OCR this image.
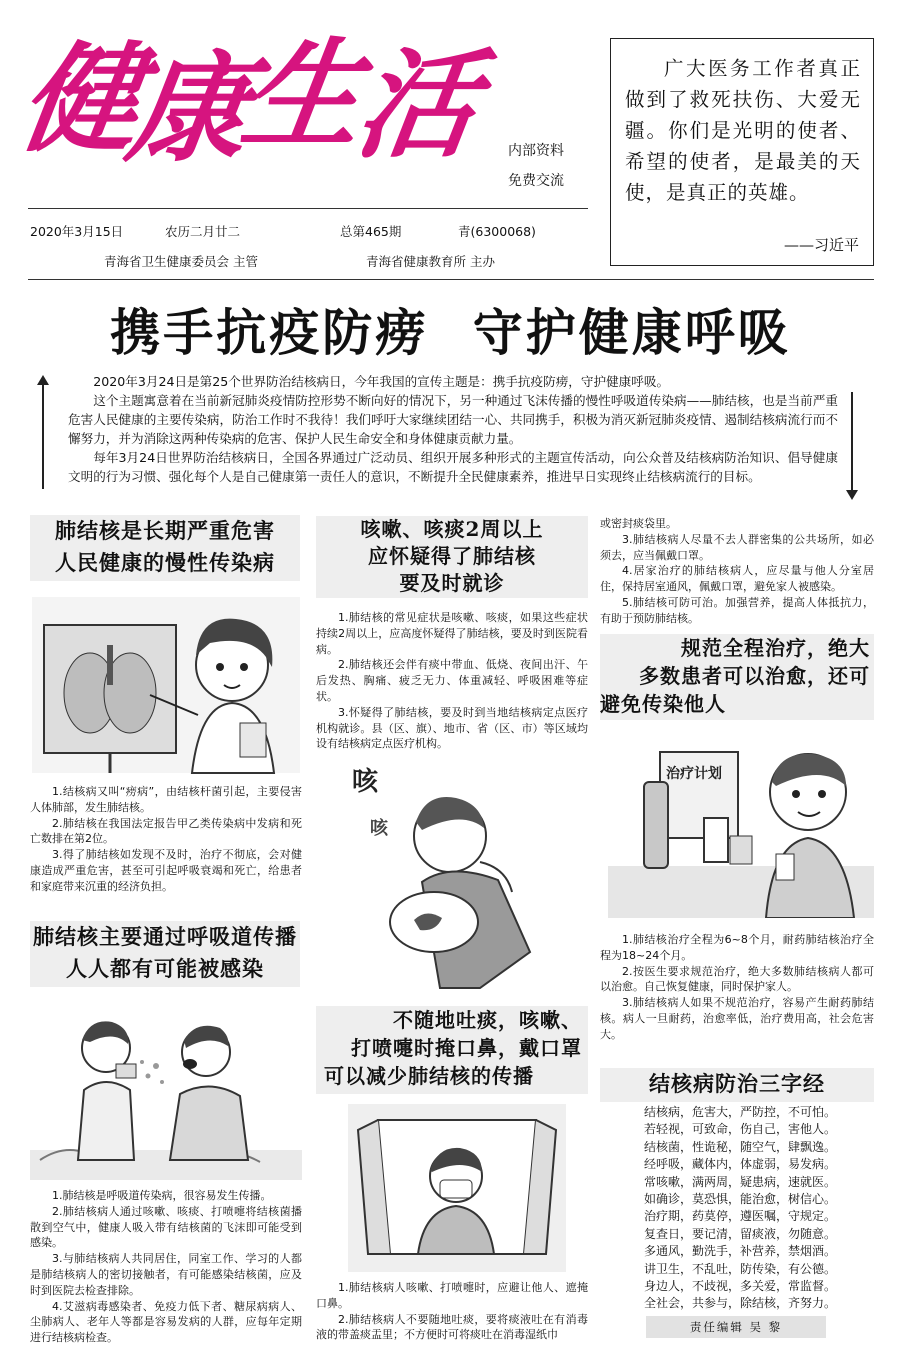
健
康
生
活 内部资料
免费交流
广大医务工作者真正做到了救死扶伤、大爱无疆。你们是光明的使者、希望的使者，是最美的天使，是真正的英雄。
——习近平
2020年3月15日	农历二月廿二	总第465期	青(6300068)
青海省卫生健康委员会 主管	青海省健康教育所 主办
携手抗疫防痨 守护健康呼吸

2020年3月24日是第25个世界防治结核病日，今年我国的宣传主题是：携手抗疫防痨，守护健康呼吸。

这个主题寓意着在当前新冠肺炎疫情防控形势不断向好的情况下，另一种通过飞沫传播的慢性呼吸道传染病——肺结核，也是当前严重危害人民健康的主要传染病，防治工作时不我待！我们呼吁大家继续团结一心、共同携手，积极为消灭新冠肺炎疫情、遏制结核病流行而不懈努力，并为消除这两种传染病的危害、保护人民生命安全和身体健康贡献力量。

每年3月24日世界防治结核病日，全国各界通过广泛动员、组织开展多种形式的主题宣传活动，向公众普及结核病防治知识、倡导健康文明的行为习惯、强化每个人是自己健康第一责任人的意识，不断提升全民健康素养，推进早日实现终止结核病流行的目标。

肺结核是长期严重危害
人民健康的慢性传染病

1.结核病又叫“痨病”，由结核杆菌引起，主要侵害人体肺部，发生肺结核。

2.肺结核在我国法定报告甲乙类传染病中发病和死亡数排在第2位。

3.得了肺结核如发现不及时，治疗不彻底，会对健康造成严重危害，甚至可引起呼吸衰竭和死亡，给患者和家庭带来沉重的经济负担。

肺结核主要通过呼吸道传播
人人都有可能被感染

1.肺结核是呼吸道传染病，很容易发生传播。

2.肺结核病人通过咳嗽、咳痰、打喷嚏将结核菌播散到空气中，健康人吸入带有结核菌的飞沫即可能受到感染。

3.与肺结核病人共同居住，同室工作、学习的人都是肺结核病人的密切接触者，有可能感染结核菌，应及时到医院去检查排除。

4.艾滋病毒感染者、免疫力低下者、糖尿病病人、尘肺病人、老年人等都是容易发病的人群，应每年定期进行结核病检查。

咳嗽、咳痰2周以上
应怀疑得了肺结核
要及时就诊

1.肺结核的常见症状是咳嗽、咳痰，如果这些症状持续2周以上，应高度怀疑得了肺结核，要及时到医院看病。

2.肺结核还会伴有痰中带血、低烧、夜间出汗、午后发热、胸痛、疲乏无力、体重减轻、呼吸困难等症状。

3.怀疑得了肺结核，要及时到当地结核病定点医疗机构就诊。县（区、旗）、地市、省（区、市）等区域均设有结核病定点医疗机构。

咳
咳
不随地吐痰，咳嗽、
打喷嚏时掩口鼻，戴口罩
可以减少肺结核的传播

1.肺结核病人咳嗽、打喷嚏时，应避让他人、遮掩口鼻。

2.肺结核病人不要随地吐痰，要将痰液吐在有消毒液的带盖痰盂里；不方便时可将痰吐在消毒湿纸巾

或密封痰袋里。

3.肺结核病人尽量不去人群密集的公共场所，如必须去，应当佩戴口罩。

4.居家治疗的肺结核病人，应尽量与他人分室居住，保持居室通风，佩戴口罩，避免家人被感染。

5.肺结核可防可治。加强营养，提高人体抵抗力，有助于预防肺结核。

规范全程治疗，绝大
多数患者可以治愈，还可
避免传染他人
治疗计划

1.肺结核治疗全程为6~8个月，耐药肺结核治疗全程为18~24个月。

2.按医生要求规范治疗，绝大多数肺结核病人都可以治愈。自己恢复健康，同时保护家人。

3.肺结核病人如果不规范治疗，容易产生耐药肺结核。病人一旦耐药，治愈率低，治疗费用高，社会危害大。

结核病防治三字经
结核病，危害大，严防控，不可怕。
若轻视，可致命，伤自己，害他人。
结核菌，性诡秘，随空气，肆飘逸。
经呼吸，藏体内，体虚弱，易发病。
常咳嗽，满两周，疑患病，速就医。
如确诊，莫恐惧，能治愈，树信心。
治疗期，药莫停，遵医嘱，守规定。
复查日，要记清，留痰液，勿随意。
多通风，勤洗手，补营养，禁烟酒。
讲卫生，不乱吐，防传染，有公德。
身边人，不歧视，多关爱，常监督。
全社会，共参与，除结核，齐努力。
责任编辑 吴 黎
